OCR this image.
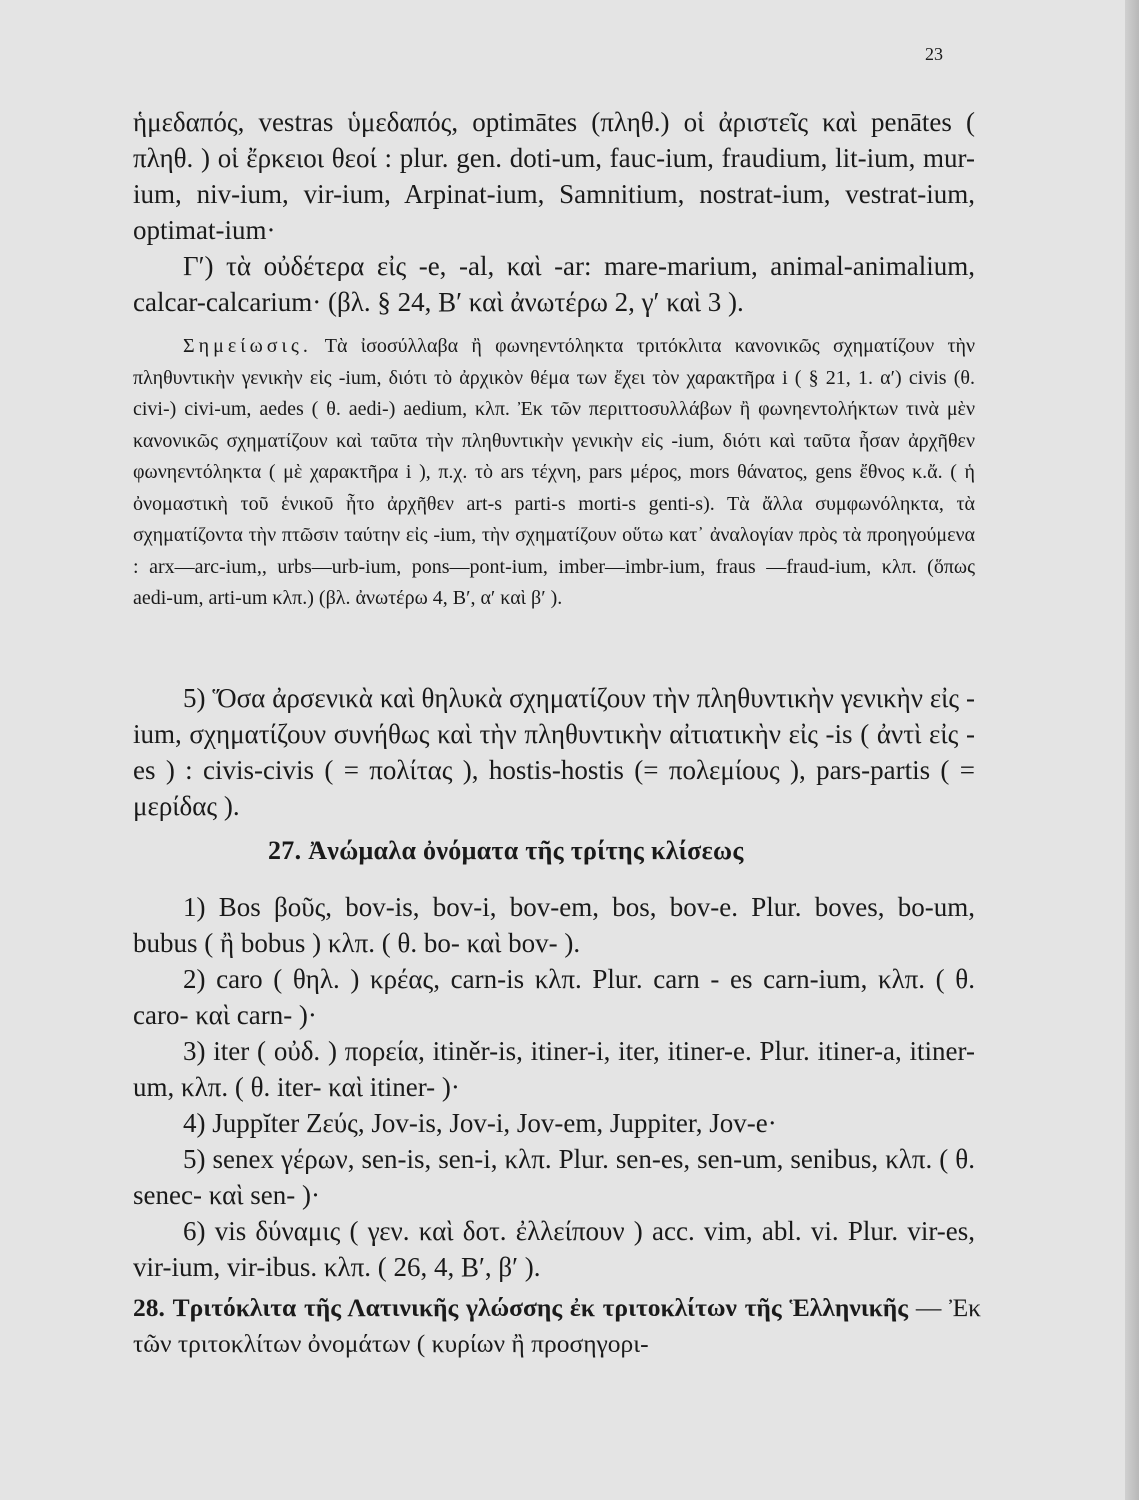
23

ἡμεδαπός, vestras ὑμεδαπός, optimātes (πληθ.) οἱ ἀριστεῖς καὶ penātes ( πληθ. ) οἱ ἔρκειοι θεοί : plur. gen. doti-um, fauc-ium, fraudium, lit-ium, mur-ium, niv-ium, vir-ium, Arpinat-ium, Samnitium, nostrat-ium, vestrat-ium, optimat-ium·

Γ′) τὰ οὐδέτερα εἰς -e, -al, καὶ -ar: mare-marium, animal-animalium, calcar-calcarium· (βλ. § 24, Β′ καὶ ἀνωτέρω 2, γ′ καὶ 3 ).

Σημείωσις. Τὰ ἰσοσύλλαβα ἢ φωνηεντόληκτα τριτόκλιτα κανονικῶς σχηματίζουν τὴν πληθυντικὴν γενικὴν εἰς -ium, διότι τὸ ἀρχικὸν θέμα των ἔχει τὸν χαρακτῆρα i ( § 21, 1. α′) civis (θ. civi-) civi-um, aedes ( θ. aedi-) aedium, κλπ. Ἐκ τῶν περιττοσυλλάβων ἢ φωνηεντολήκτων τινὰ μὲν κανονικῶς σχηματίζουν καὶ ταῦτα τὴν πληθυντικὴν γενικὴν εἰς -ium, διότι καὶ ταῦτα ἦσαν ἀρχῆθεν φωνηεντόληκτα ( μὲ χαρακτῆρα i ), π.χ. τὸ ars τέχνη, pars μέρος, mors θάνατος, gens ἔθνος κ.ἄ. ( ἡ ὀνομαστικὴ τοῦ ἑνικοῦ ἦτο ἀρχῆθεν art-s parti-s morti-s genti-s). Τὰ ἄλλα συμφωνόληκτα, τὰ σχηματίζοντα τὴν πτῶσιν ταύτην εἰς -ium, τὴν σχηματίζουν οὕτω κατ᾽ ἀναλογίαν πρὸς τὰ προηγούμενα : arx—arc-ium,, urbs—urb-ium, pons—pont-ium, imber—imbr-ium, fraus —fraud-ium, κλπ. (ὅπως aedi-um, arti-um κλπ.) (βλ. ἀνωτέρω 4, Β′, α′ καὶ β′ ).
5) Ὅσα ἀρσενικὰ καὶ θηλυκὰ σχηματίζουν τὴν πληθυντικὴν γενικὴν εἰς -ium, σχηματίζουν συνήθως καὶ τὴν πληθυντικὴν αἰτιατικὴν εἰς -is ( ἀντὶ εἰς -es ) : civis-civis ( = πολίτας ), hostis-hostis (= πολεμίους ), pars-partis ( = μερίδας ).
27. Ἀνώμαλα ὀνόματα τῆς τρίτης κλίσεως

1) Bos βοῦς, bov-is, bov-i, bov-em, bos, bov-e. Plur. boves, bo-um, bubus ( ἢ bobus ) κλπ. ( θ. bo- καὶ bov- ).

2) caro ( θηλ. ) κρέας, carn-is κλπ. Plur. carn - es carn-ium, κλπ. ( θ. caro- καὶ carn- )·

3) iter ( οὐδ. ) πορεία, itiněr-is, itiner-i, iter, itiner-e. Plur. itiner-a, itiner-um, κλπ. ( θ. iter- καὶ itiner- )·

4) Juppĭter Ζεύς, Jov-is, Jov-i, Jov-em, Juppiter, Jov-e·

5) senex γέρων, sen-is, sen-i, κλπ. Plur. sen-es, sen-um, senibus, κλπ. ( θ. senec- καὶ sen- )·

6) vis δύναμις ( γεν. καὶ δοτ. ἐλλείπουν ) acc. vim, abl. vi. Plur. vir-es, vir-ium, vir-ibus. κλπ. ( 26, 4, Β′, β′ ).

28. Τριτόκλιτα τῆς Λατινικῆς γλώσσης ἐκ τριτοκλίτων τῆς Ἑλληνικῆς — Ἐκ τῶν τριτοκλίτων ὀνομάτων ( κυρίων ἢ προσηγορι-
